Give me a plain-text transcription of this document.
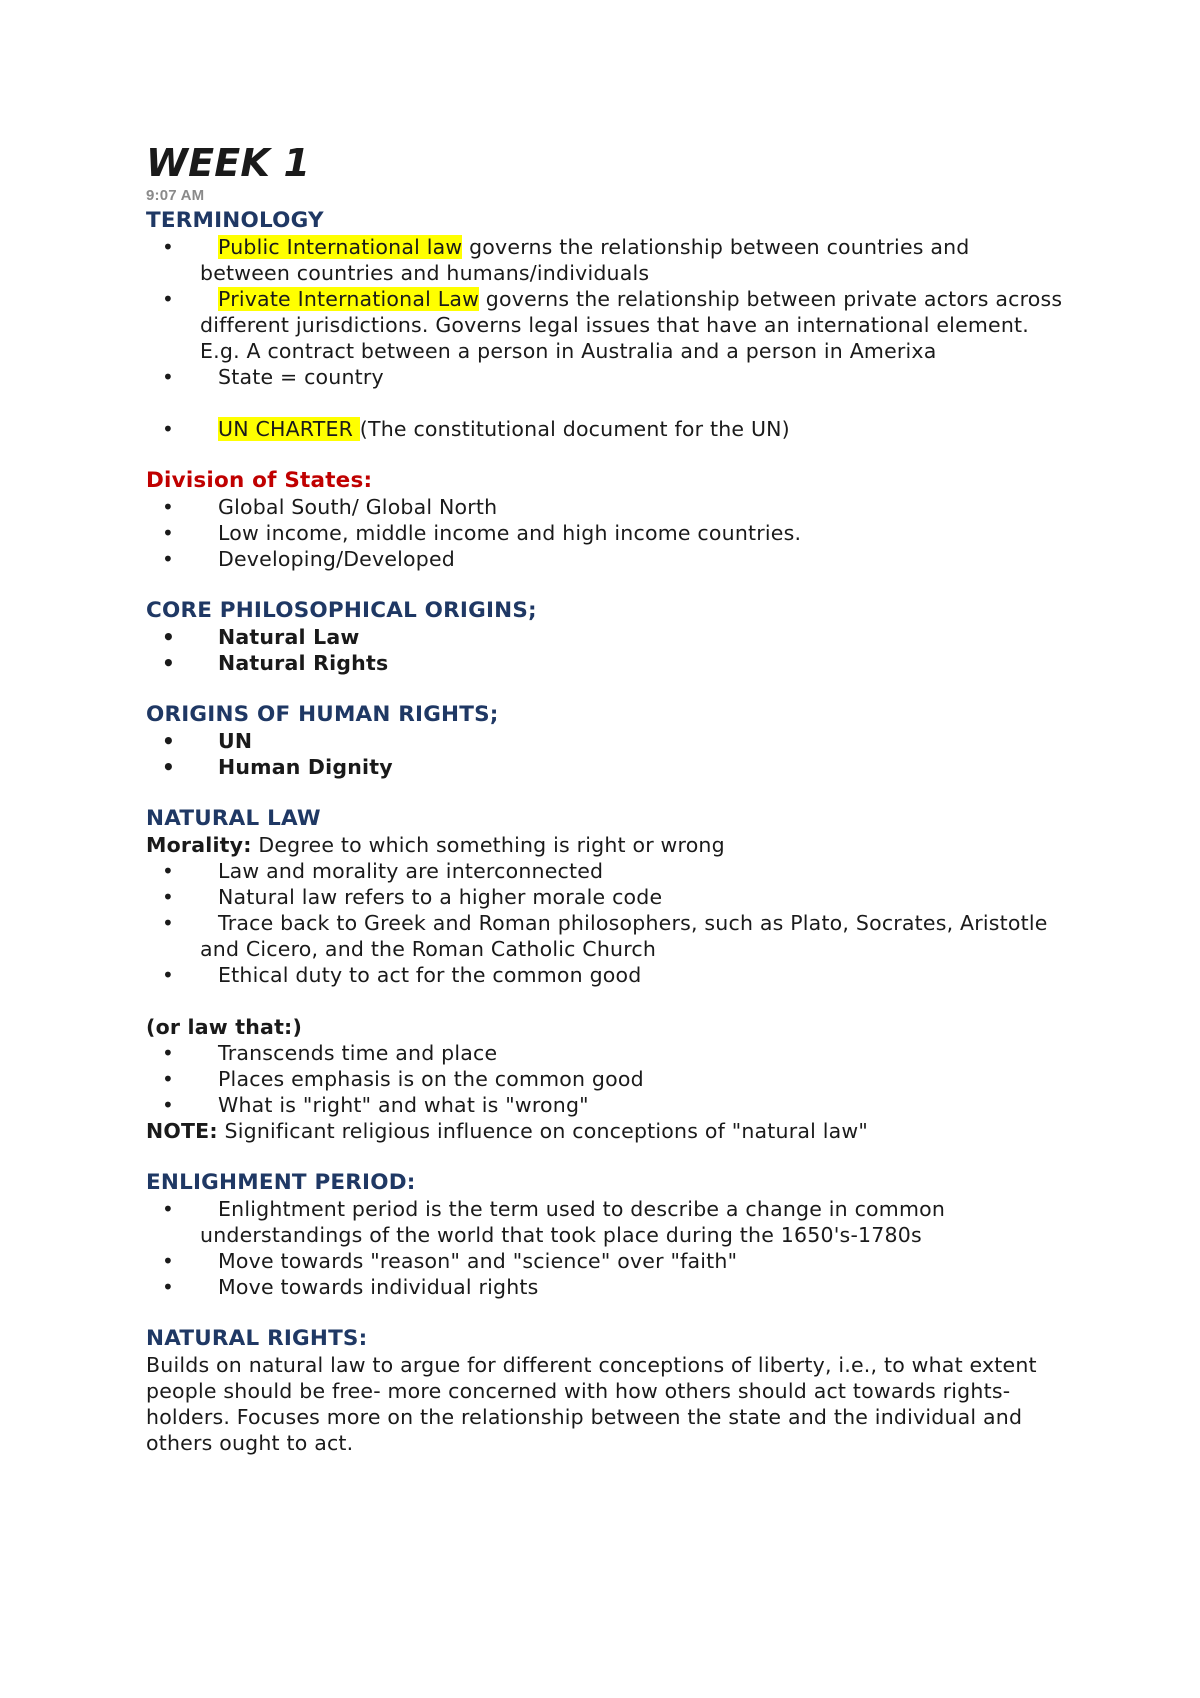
WEEK 1
9:07 AM
TERMINOLOGY
• Public International law governs the relationship between countries and between countries and humans/individuals
• Private International Law governs the relationship between private actors across different jurisdictions. Governs legal issues that have an international element. E.g. A contract between a person in Australia and a person in Amerixa
• State = country
• UN CHARTER (The constitutional document for the UN)
Division of States:
• Global South/ Global North
• Low income, middle income and high income countries.
• Developing/Developed
CORE PHILOSOPHICAL ORIGINS;
• Natural Law
• Natural Rights
ORIGINS OF HUMAN RIGHTS;
• UN
• Human Dignity
NATURAL LAW

Morality: Degree to which something is right or wrong

• Law and morality are interconnected
• Natural law refers to a higher morale code
• Trace back to Greek and Roman philosophers, such as Plato, Socrates, Aristotle and Cicero, and the Roman Catholic Church
• Ethical duty to act for the common good

(or law that:)

• Transcends time and place
• Places emphasis is on the common good
• What is "right" and what is "wrong"

NOTE: Significant religious influence on conceptions of "natural law"

ENLIGHMENT PERIOD:
• Enlightment period is the term used to describe a change in common understandings of the world that took place during the 1650's-1780s
• Move towards "reason" and "science" over "faith"
• Move towards individual rights
NATURAL RIGHTS:

Builds on natural law to argue for different conceptions of liberty, i.e., to what extent people should be free- more concerned with how others should act towards rights- holders. Focuses more on the relationship between the state and the individual and others ought to act.
